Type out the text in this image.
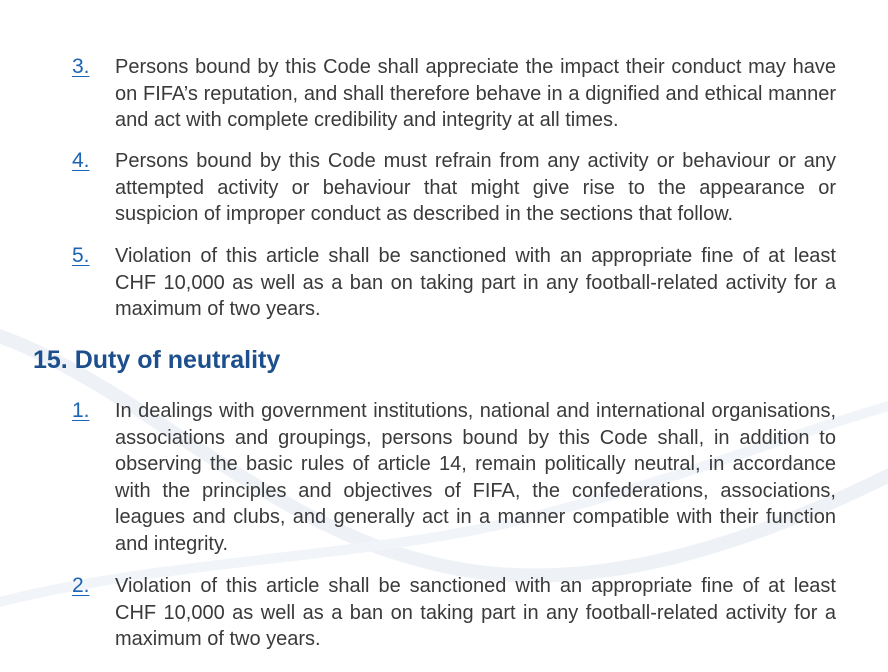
3.	Persons bound by this Code shall appreciate the impact their conduct may have on FIFA’s reputation, and shall therefore behave in a dignified and ethical manner and act with complete credibility and integrity at all times.
4.	Persons bound by this Code must refrain from any activity or behaviour or any attempted activity or behaviour that might give rise to the appearance or suspicion of improper conduct as described in the sections that follow.
5.	Violation of this article shall be sanctioned with an appropriate fine of at least CHF 10,000 as well as a ban on taking part in any football-related activity for a maximum of two years.
15. Duty of neutrality
1.	In dealings with government institutions, national and international organisations, associations and groupings, persons bound by this Code shall, in addition to observing the basic rules of article 14, remain politically neutral, in accordance with the principles and objectives of FIFA, the confederations, associations, leagues and clubs, and generally act in a manner compatible with their function and integrity.
2.	Violation of this article shall be sanctioned with an appropriate fine of at least CHF 10,000 as well as a ban on taking part in any football-related activity for a maximum of two years.
